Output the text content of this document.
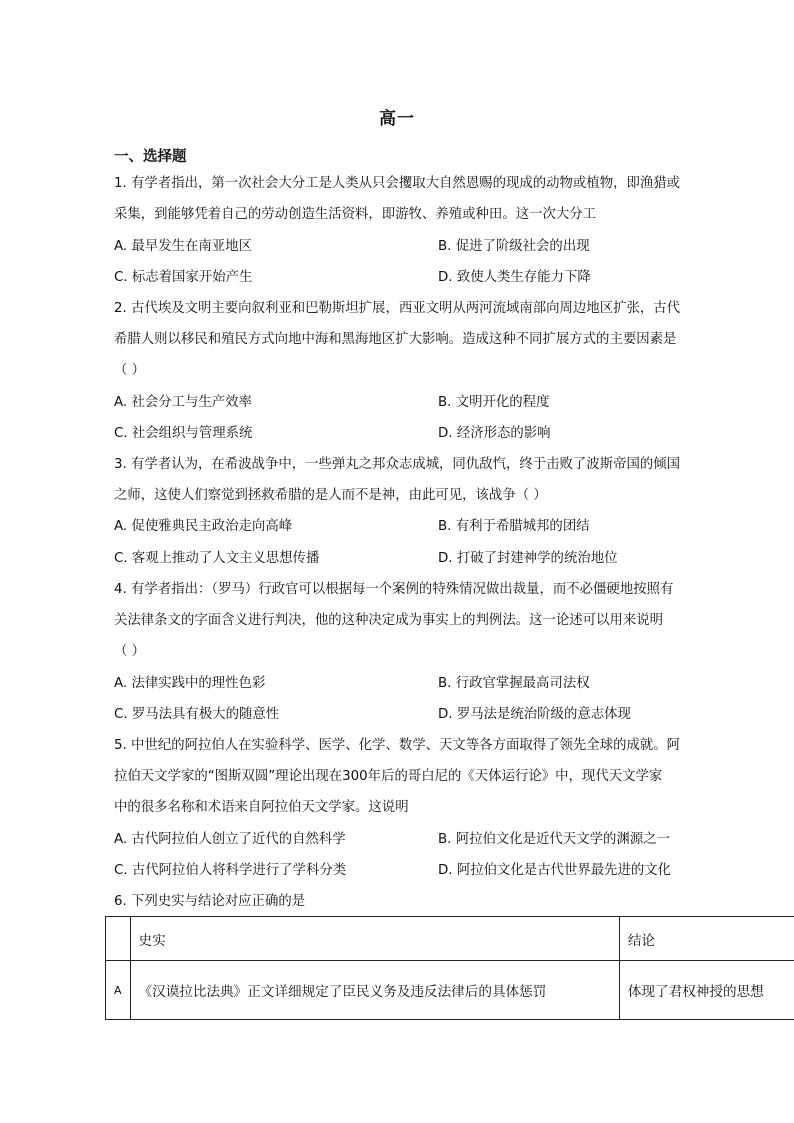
高一
一、选择题
1. 有学者指出，第一次社会大分工是人类从只会攫取大自然恩赐的现成的动物或植物，即渔猎或
采集，到能够凭着自己的劳动创造生活资料，即游牧、养殖或种田。这一次大分工
A. 最早发生在南亚地区	B. 促进了阶级社会的出现
C. 标志着国家开始产生	D. 致使人类生存能力下降
2. 古代埃及文明主要向叙利亚和巴勒斯坦扩展，西亚文明从两河流域南部向周边地区扩张，古代
希腊人则以移民和殖民方式向地中海和黑海地区扩大影响。造成这种不同扩展方式的主要因素是
（ ）
A. 社会分工与生产效率	B. 文明开化的程度
C. 社会组织与管理系统	D. 经济形态的影响
3. 有学者认为，在希波战争中，一些弹丸之邦众志成城，同仇敌忾，终于击败了波斯帝国的倾国
之师，这使人们察觉到拯救希腊的是人而不是神，由此可见，该战争（ ）
A. 促使雅典民主政治走向高峰	B. 有利于希腊城邦的团结
C. 客观上推动了人文主义思想传播	D. 打破了封建神学的统治地位
4. 有学者指出：（罗马）行政官可以根据每一个案例的特殊情况做出裁量，而不必僵硬地按照有
关法律条文的字面含义进行判决，他的这种决定成为事实上的判例法。这一论述可以用来说明
（ ）
A. 法律实践中的理性色彩	B. 行政官掌握最高司法权
C. 罗马法具有极大的随意性	D. 罗马法是统治阶级的意志体现
5. 中世纪的阿拉伯人在实验科学、医学、化学、数学、天文等各方面取得了领先全球的成就。阿
拉伯天文学家的“图斯双圆”理论出现在300年后的哥白尼的《天体运行论》中，现代天文学家
中的很多名称和术语来自阿拉伯天文学家。这说明
A. 古代阿拉伯人创立了近代的自然科学	B. 阿拉伯文化是近代天文学的渊源之一
C. 古代阿拉伯人将科学进行了学科分类	D. 阿拉伯文化是古代世界最先进的文化
6. 下列史实与结论对应正确的是
	史实	结论
A	《汉谟拉比法典》正文详细规定了臣民义务及违反法律后的具体惩罚	体现了君权神授的思想
